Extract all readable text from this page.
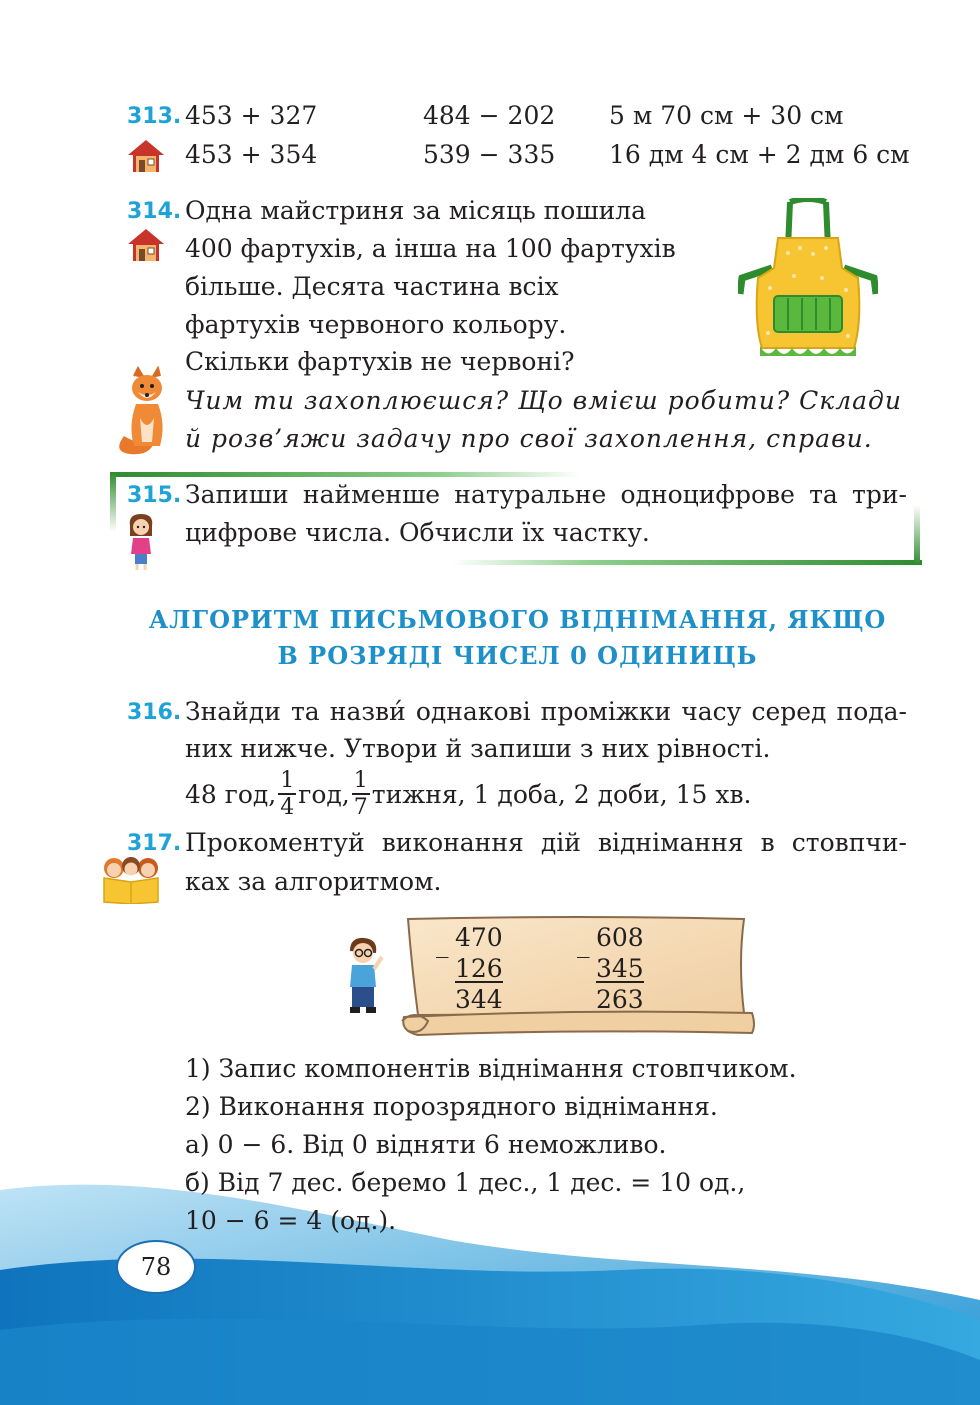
313. 453 + 327	484 − 202 5 м 70 см + 30 см
453 + 354	539 − 335 16 дм 4 см + 2 дм 6 см
314. Одна майстриня за місяць пошила
400 фартухів, а інша на 100 фартухів
більше. Десята частина всіх
фартухів червоного кольору.
Скільки фартухів не червоні?
Чим ти захоплюєшся? Що вмієш робити? Склади
й розв’яжи задачу про свої захоплення, справи.
315. Запиши найменше натуральне одноцифрове та три-
цифрове числа. Обчисли їх частку.
АЛГОРИТМ ПИСЬМОВОГО ВІДНІМАННЯ, ЯКЩО
В РОЗРЯДІ ЧИСЕЛ 0 ОДИНИЦЬ
316. Знайди та назви́ однакові проміжки часу серед пода-
них нижче. Утвори й запиши з них рівності.
48 год, $\frac{1}{4}$ год, $\frac{1}{7}$ тижня, 1 доба, 2 доби, 15 хв.
317. Прокоментуй виконання дій віднімання в стовпчи-
ках за алгоритмом.
_ 470
126
344
_ 608
345
263
1) Запис компонентів віднімання стовпчиком.
2) Виконання порозрядного віднімання.
а) 0 − 6. Від 0 відняти 6 неможливо.
б) Від 7 дес. беремо 1 дес., 1 дес. = 10 од.,
10 − 6 = 4 (од.).
78
